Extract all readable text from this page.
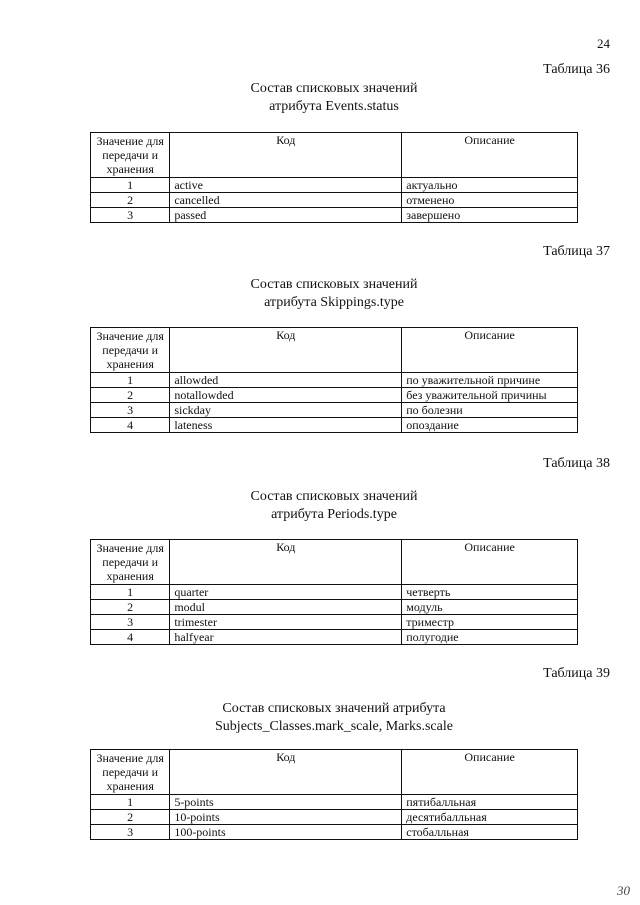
24

Таблица 36

Состав списковых значений
атрибута Events.status
Значение для передачи и хранения	Код	Описание
1	active	актуально
2	cancelled	отменено
3	passed	завершено

Таблица 37

Состав списковых значений
атрибута Skippings.type
Значение для передачи и хранения	Код	Описание
1	allowded	по уважительной причине
2	notallowded	без уважительной причины
3	sickday	по болезни
4	lateness	опоздание

Таблица 38

Состав списковых значений
атрибута Periods.type
Значение для передачи и хранения	Код	Описание
1	quarter	четверть
2	modul	модуль
3	trimester	триместр
4	halfyear	полугодие

Таблица 39

Состав списковых значений атрибута
Subjects_Classes.mark_scale, Marks.scale
Значение для передачи и хранения	Код	Описание
1	5-points	пятибалльная
2	10-points	десятибалльная
3	100-points	стобалльная
30
